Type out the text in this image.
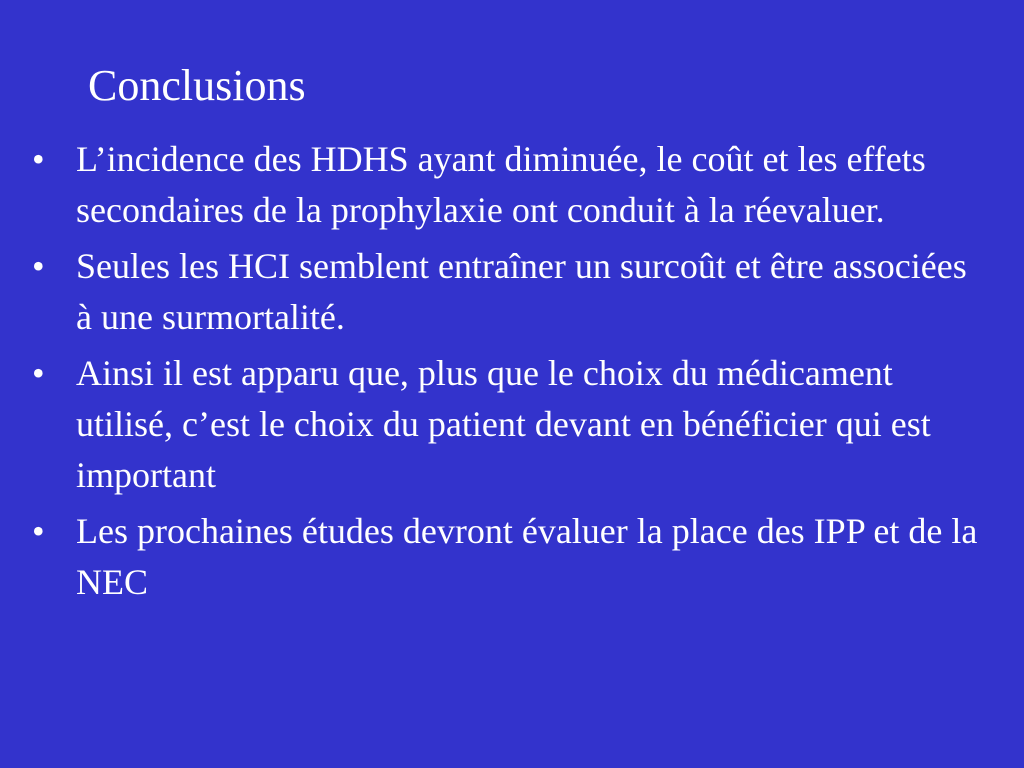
Conclusions
• L’incidence des HDHS ayant diminuée, le coût et les effets secondaires de la prophylaxie ont conduit à la réevaluer.
• Seules les HCI semblent entraîner un surcoût et être associées à une surmortalité.
• Ainsi il est apparu que, plus que le choix du médicament utilisé, c’est le choix du patient devant en bénéficier qui est important
• Les prochaines études devront évaluer la place des IPP et de la NEC
